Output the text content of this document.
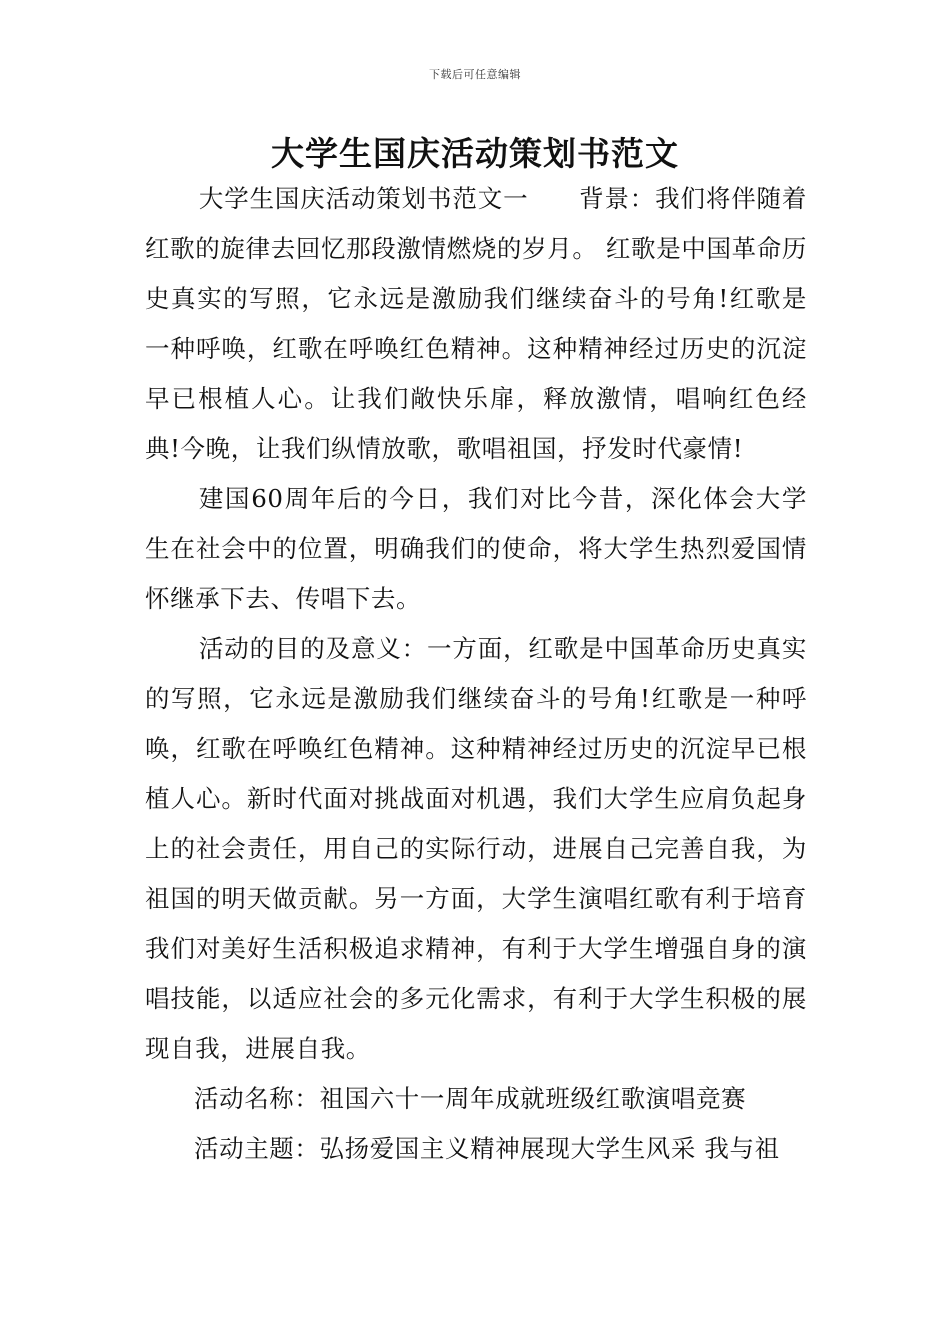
下载后可任意编辑
大学生国庆活动策划书范文

大学生国庆活动策划书范文一　　背景：我们将伴随着红歌的旋律去回忆那段激情燃烧的岁月。 红歌是中国革命历史真实的写照，它永远是激励我们继续奋斗的号角!红歌是一种呼唤，红歌在呼唤红色精神。这种精神经过历史的沉淀早已根植人心。让我们敞快乐扉，释放激情，唱响红色经典!今晚，让我们纵情放歌，歌唱祖国，抒发时代豪情!

建国60周年后的今日，我们对比今昔，深化体会大学生在社会中的位置，明确我们的使命，将大学生热烈爱国情怀继承下去、传唱下去。

活动的目的及意义：一方面，红歌是中国革命历史真实的写照，它永远是激励我们继续奋斗的号角!红歌是一种呼唤，红歌在呼唤红色精神。这种精神经过历史的沉淀早已根植人心。新时代面对挑战面对机遇，我们大学生应肩负起身上的社会责任，用自己的实际行动，进展自己完善自我，为祖国的明天做贡献。另一方面，大学生演唱红歌有利于培育我们对美好生活积极追求精神，有利于大学生增强自身的演唱技能，以适应社会的多元化需求，有利于大学生积极的展现自我，进展自我。

活动名称：祖国六十一周年成就班级红歌演唱竞赛

活动主题：弘扬爱国主义精神展现大学生风采 我与祖
